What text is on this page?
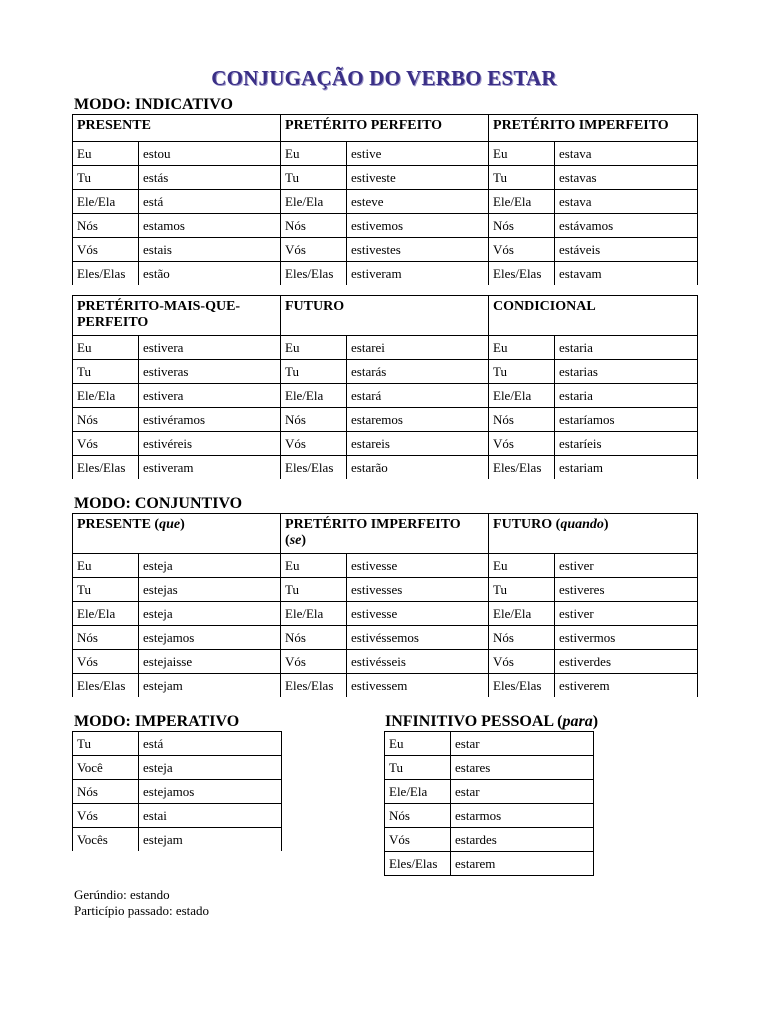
CONJUGAÇÃO DO VERBO ESTAR
MODO: INDICATIVO
PRESENTE		PRETÉRITO PERFEITO		PRETÉRITO IMPERFEITO	
Eu	estou	Eu	estive	Eu	estava
Tu	estás	Tu	estiveste	Tu	estavas
Ele/Ela	está	Ele/Ela	esteve	Ele/Ela	estava
Nós	estamos	Nós	estivemos	Nós	estávamos
Vós	estais	Vós	estivestes	Vós	estáveis
Eles/Elas	estão	Eles/Elas	estiveram	Eles/Elas	estavam
PRETÉRITO-MAIS-QUE-PERFEITO		FUTURO		CONDICIONAL	
Eu	estivera	Eu	estarei	Eu	estaria
Tu	estiveras	Tu	estarás	Tu	estarias
Ele/Ela	estivera	Ele/Ela	estará	Ele/Ela	estaria
Nós	estivéramos	Nós	estaremos	Nós	estaríamos
Vós	estivéreis	Vós	estareis	Vós	estaríeis
Eles/Elas	estiveram	Eles/Elas	estarão	Eles/Elas	estariam
MODO: CONJUNTIVO
PRESENTE (que)		PRETÉRITO IMPERFEITO (se)		FUTURO (quando)	
Eu	esteja	Eu	estivesse	Eu	estiver
Tu	estejas	Tu	estivesses	Tu	estiveres
Ele/Ela	esteja	Ele/Ela	estivesse	Ele/Ela	estiver
Nós	estejamos	Nós	estivéssemos	Nós	estivermos
Vós	estejaisse	Vós	estivésseis	Vós	estiverdes
Eles/Elas	estejam	Eles/Elas	estivessem	Eles/Elas	estiverem
MODO: IMPERATIVO
Tu	está
Você	esteja
Nós	estejamos
Vós	estai
Vocês	estejam
INFINITIVO PESSOAL (para)
Eu	estar
Tu	estares
Ele/Ela	estar
Nós	estarmos
Vós	estardes
Eles/Elas	estarem
Gerúndio: estando
Particípio passado: estado
